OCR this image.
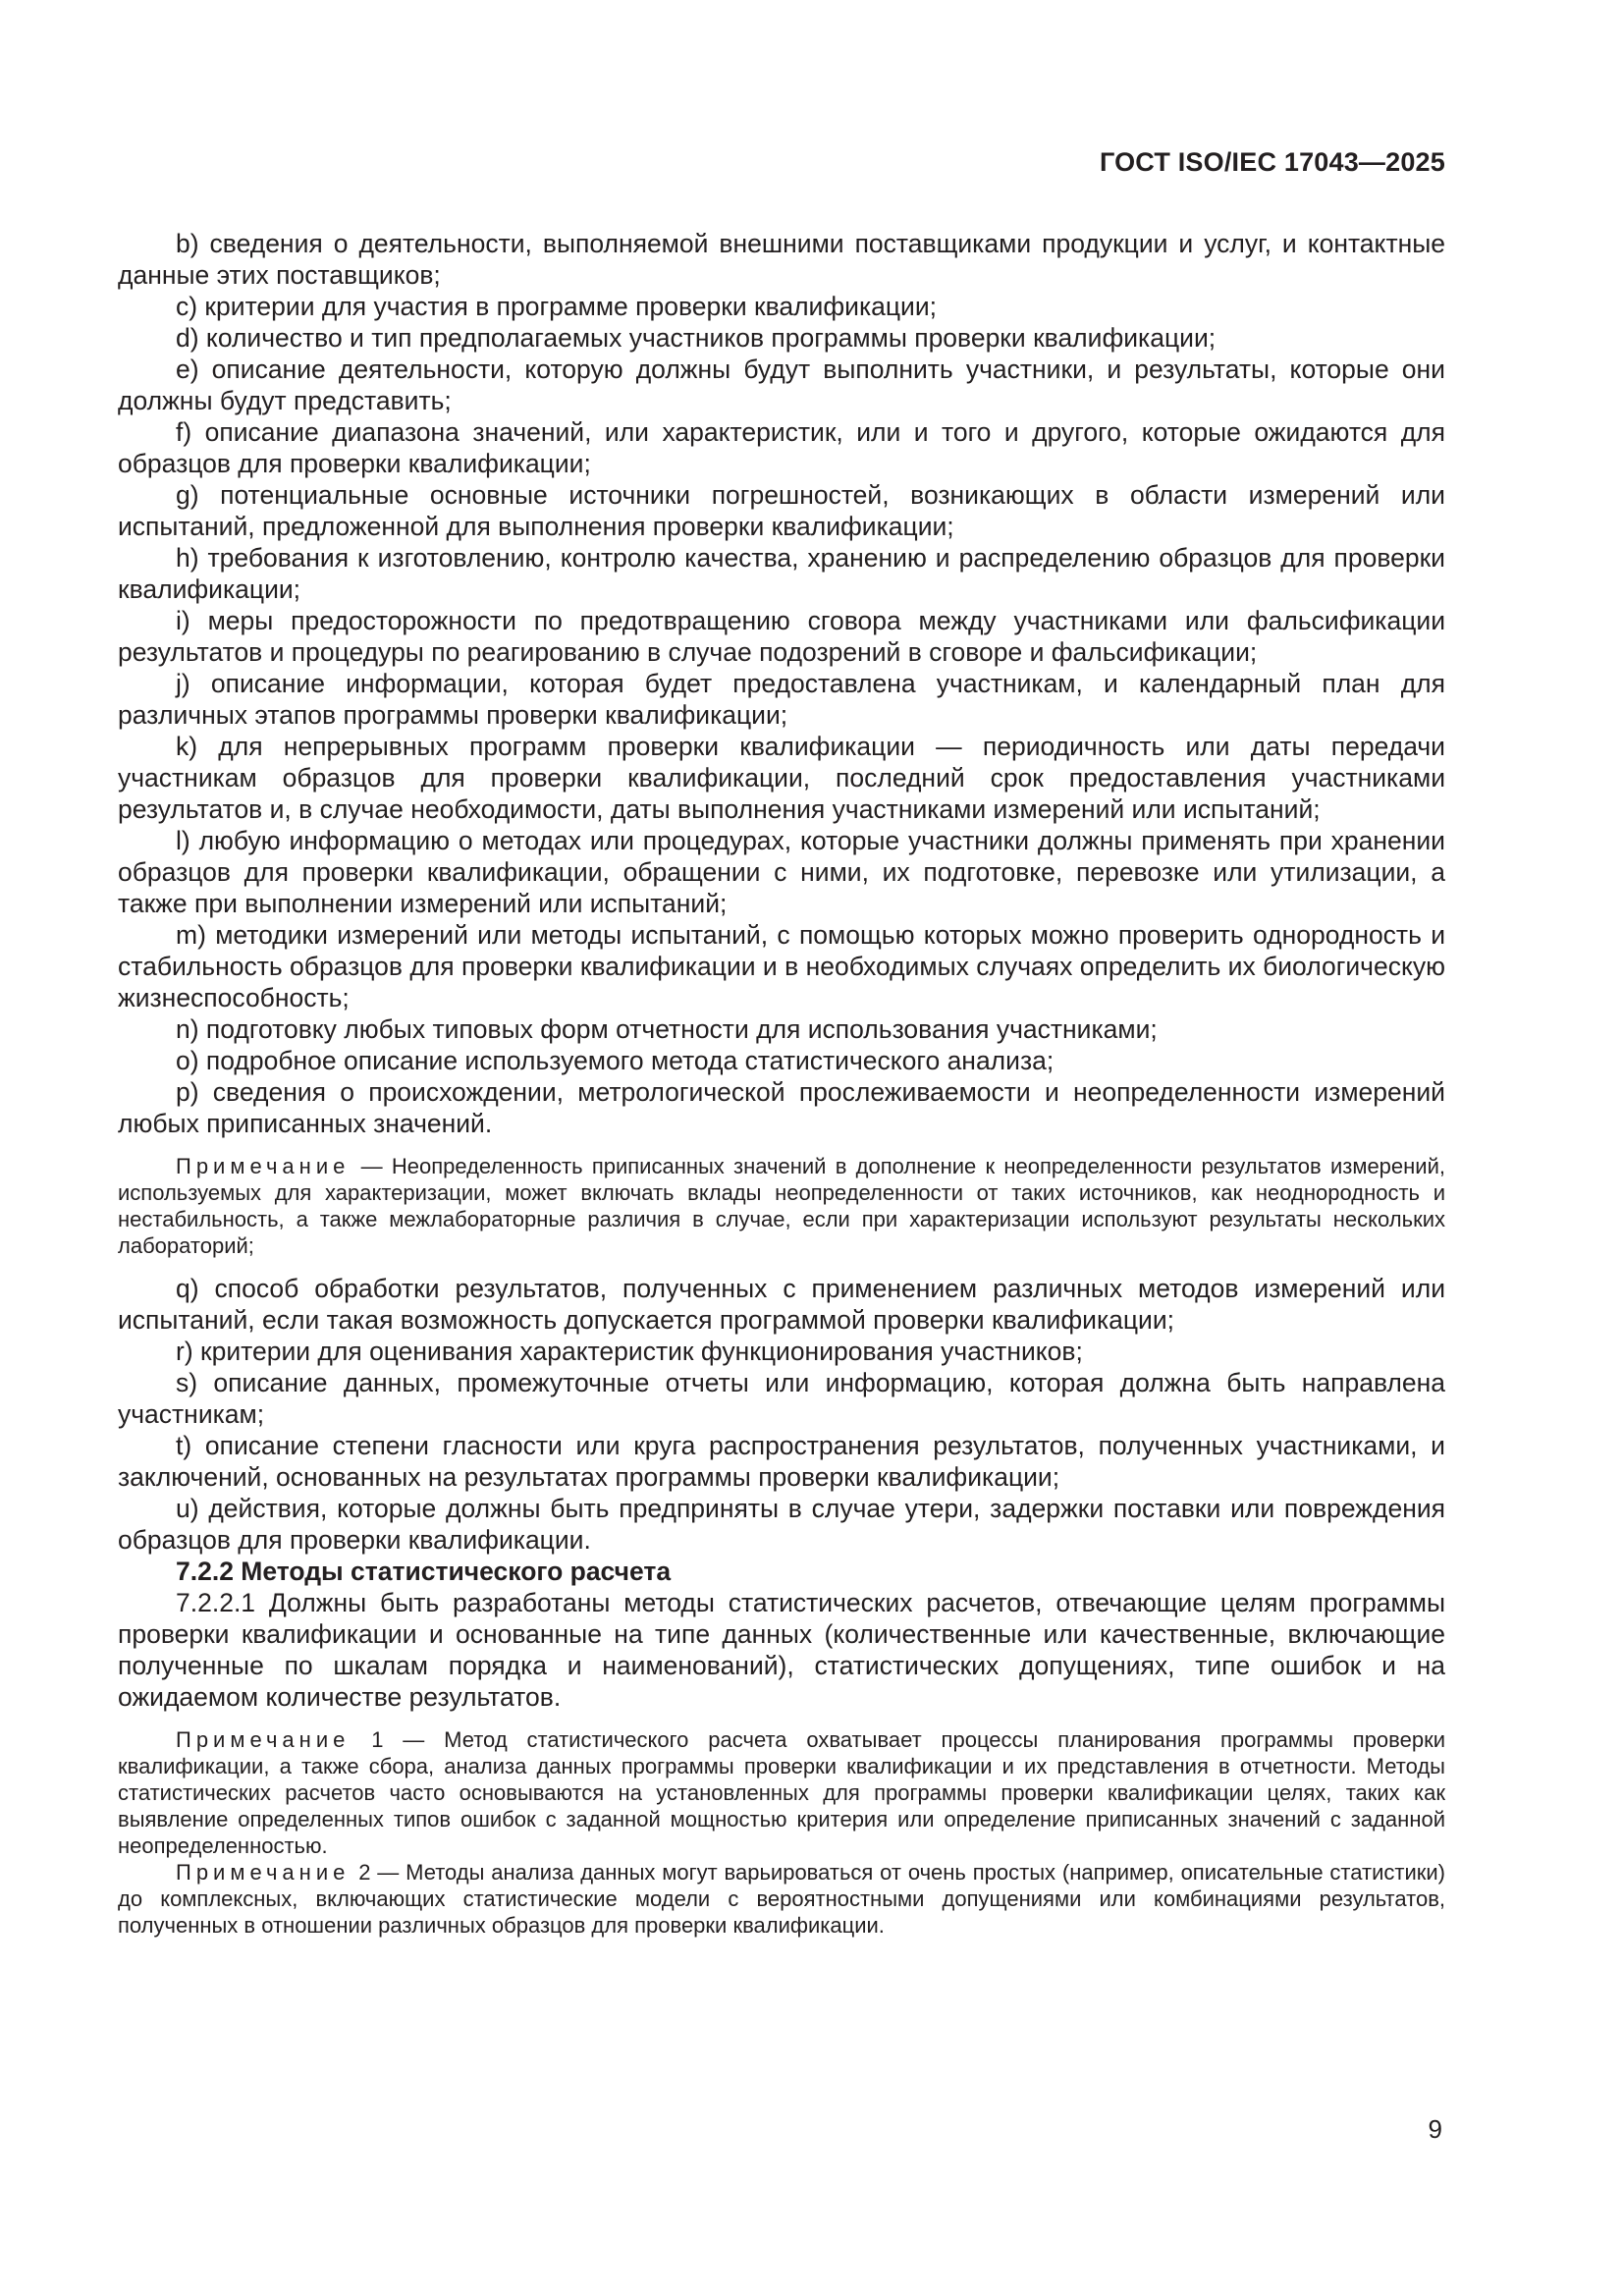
ГОСТ ISO/IEC 17043—2025

b) сведения о деятельности, выполняемой внешними поставщиками продукции и услуг, и контактные данные этих поставщиков;

c) критерии для участия в программе проверки квалификации;

d) количество и тип предполагаемых участников программы проверки квалификации;

e) описание деятельности, которую должны будут выполнить участники, и результаты, которые они должны будут представить;

f) описание диапазона значений, или характеристик, или и того и другого, которые ожидаются для образцов для проверки квалификации;

g) потенциальные основные источники погрешностей, возникающих в области измерений или испытаний, предложенной для выполнения проверки квалификации;

h) требования к изготовлению, контролю качества, хранению и распределению образцов для проверки квалификации;

i) меры предосторожности по предотвращению сговора между участниками или фальсификации результатов и процедуры по реагированию в случае подозрений в сговоре и фальсификации;

j) описание информации, которая будет предоставлена участникам, и календарный план для различных этапов программы проверки квалификации;

k) для непрерывных программ проверки квалификации — периодичность или даты передачи участникам образцов для проверки квалификации, последний срок предоставления участниками результатов и, в случае необходимости, даты выполнения участниками измерений или испытаний;

l) любую информацию о методах или процедурах, которые участники должны применять при хранении образцов для проверки квалификации, обращении с ними, их подготовке, перевозке или утилизации, а также при выполнении измерений или испытаний;

m) методики измерений или методы испытаний, с помощью которых можно проверить однородность и стабильность образцов для проверки квалификации и в необходимых случаях определить их биологическую жизнеспособность;

n) подготовку любых типовых форм отчетности для использования участниками;

o) подробное описание используемого метода статистического анализа;

p) сведения о происхождении, метрологической прослеживаемости и неопределенности измерений любых приписанных значений.

Примечание — Неопределенность приписанных значений в дополнение к неопределенности результатов измерений, используемых для характеризации, может включать вклады неопределенности от таких источников, как неоднородность и нестабильность, а также межлабораторные различия в случае, если при характеризации используют результаты нескольких лабораторий;

q) способ обработки результатов, полученных с применением различных методов измерений или испытаний, если такая возможность допускается программой проверки квалификации;

r) критерии для оценивания характеристик функционирования участников;

s) описание данных, промежуточные отчеты или информацию, которая должна быть направлена участникам;

t) описание степени гласности или круга распространения результатов, полученных участниками, и заключений, основанных на результатах программы проверки квалификации;

u) действия, которые должны быть предприняты в случае утери, задержки поставки или повреждения образцов для проверки квалификации.

7.2.2 Методы статистического расчета

7.2.2.1 Должны быть разработаны методы статистических расчетов, отвечающие целям программы проверки квалификации и основанные на типе данных (количественные или качественные, включающие полученные по шкалам порядка и наименований), статистических допущениях, типе ошибок и на ожидаемом количестве результатов.

Примечание 1 — Метод статистического расчета охватывает процессы планирования программы проверки квалификации, а также сбора, анализа данных программы проверки квалификации и их представления в отчетности. Методы статистических расчетов часто основываются на установленных для программы проверки квалификации целях, таких как выявление определенных типов ошибок с заданной мощностью критерия или определение приписанных значений с заданной неопределенностью.

Примечание 2 — Методы анализа данных могут варьироваться от очень простых (например, описательные статистики) до комплексных, включающих статистические модели с вероятностными допущениями или комбинациями результатов, полученных в отношении различных образцов для проверки квалификации.

9
